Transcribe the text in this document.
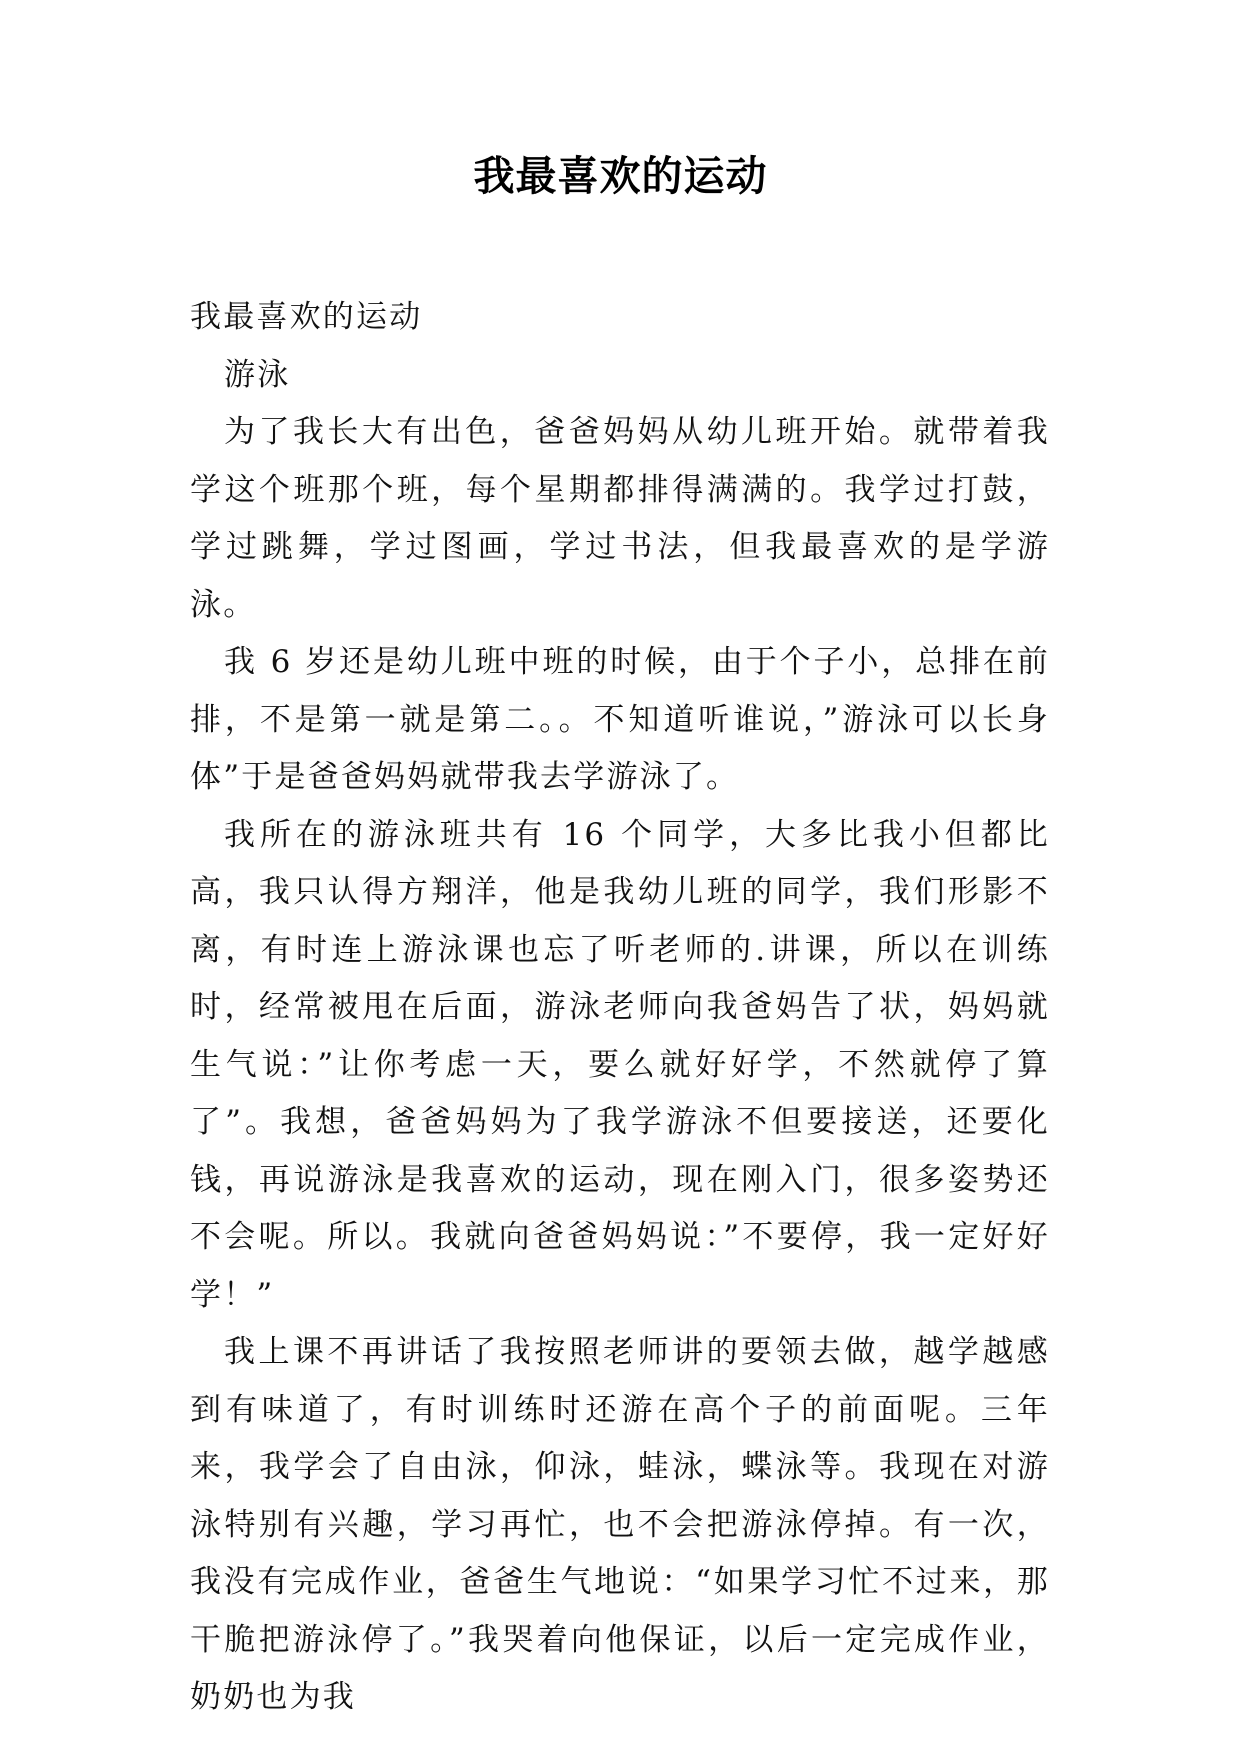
我最喜欢的运动

我最喜欢的运动

游泳

为了我长大有出色，爸爸妈妈从幼儿班开始。就带着我学这个班那个班，每个星期都排得满满的。我学过打鼓，学过跳舞，学过图画，学过书法，但我最喜欢的是学游泳。

我 6 岁还是幼儿班中班的时候，由于个子小，总排在前排，不是第一就是第二。。不知道听谁说，”游泳可以长身体”于是爸爸妈妈就带我去学游泳了。

我所在的游泳班共有 16 个同学，大多比我小但都比高，我只认得方翔洋，他是我幼儿班的同学，我们形影不离，有时连上游泳课也忘了听老师的.讲课，所以在训练时，经常被甩在后面，游泳老师向我爸妈告了状，妈妈就生气说：”让你考虑一天，要么就好好学，不然就停了算了”。我想，爸爸妈妈为了我学游泳不但要接送，还要化钱，再说游泳是我喜欢的运动，现在刚入门，很多姿势还不会呢。所以。我就向爸爸妈妈说：”不要停，我一定好好学！”

我上课不再讲话了我按照老师讲的要领去做，越学越感到有味道了，有时训练时还游在高个子的前面呢。三年来，我学会了自由泳，仰泳，蛙泳，蝶泳等。我现在对游泳特别有兴趣，学习再忙，也不会把游泳停掉。有一次，我没有完成作业，爸爸生气地说：“如果学习忙不过来，那干脆把游泳停了。”我哭着向他保证，以后一定完成作业，奶奶也为我
